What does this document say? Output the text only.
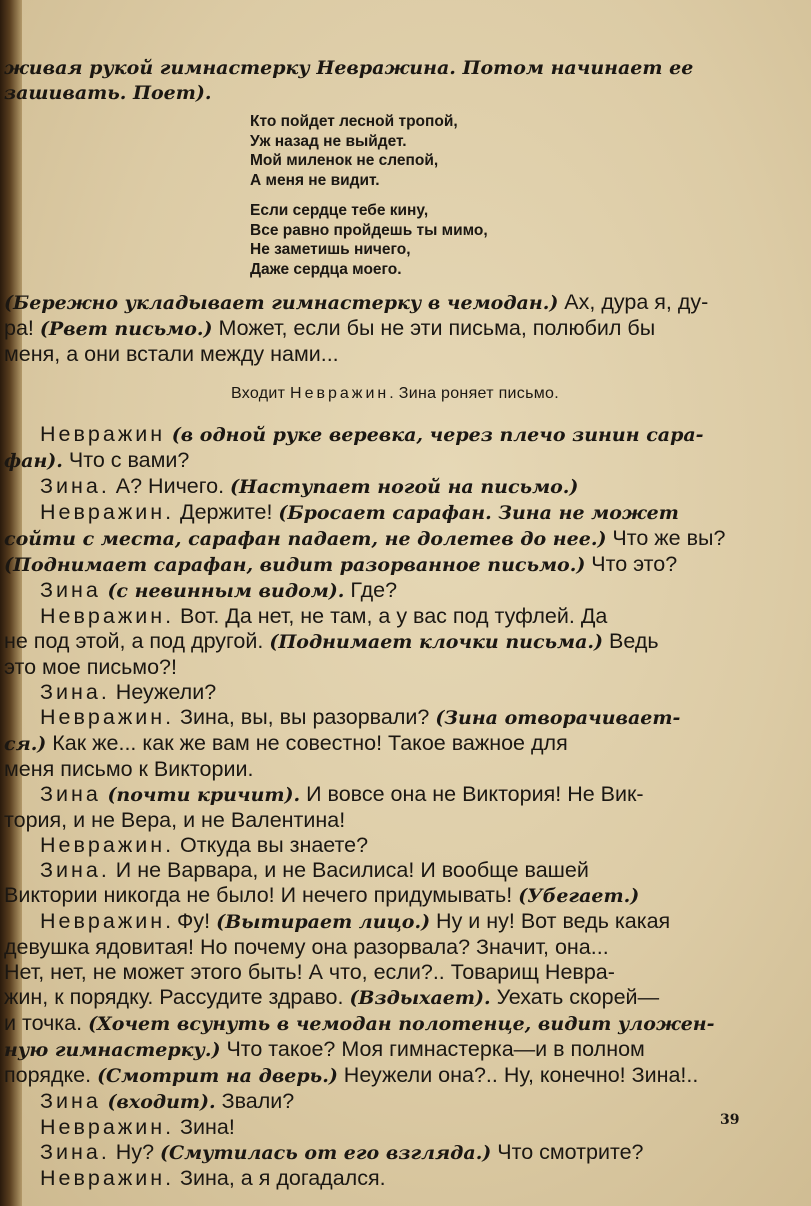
живая рукой гимнастерку Невражина. Потом начинает ее
зашивать. Поет).

Кто пойдет лесной тропой,
Уж назад не выйдет.
Мой миленок не слепой,
А меня не видит.
Если сердце тебе кину,
Все равно пройдешь ты мимо,
Не заметишь ничего,
Даже сердца моего.

(Бережно укладывает гимнастерку в чемодан.) Ах, дура я, ду-
ра! (Рвет письмо.) Может, если бы не эти письма, полюбил бы
меня, а они встали между нами...

Входит Невражин. Зина роняет письмо.

Невражин (в одной руке веревка, через плечо зинин сара-
фан). Что с вами?

Зина. А? Ничего. (Наступает ногой на письмо.)

Невражин. Держите! (Бросает сарафан. Зина не может
сойти с места, сарафан падает, не долетев до нее.) Что же вы?
(Поднимает сарафан, видит разорванное письмо.) Что это?

Зина (с невинным видом). Где?

Невражин. Вот. Да нет, не там, а у вас под туфлей. Да
не под этой, а под другой. (Поднимает клочки письма.) Ведь
это мое письмо?!

Зина. Неужели?

Невражин. Зина, вы, вы разорвали? (Зина отворачивает-
ся.) Как же... как же вам не совестно! Такое важное для
меня письмо к Виктории.

Зина (почти кричит). И вовсе она не Виктория! Не Вик-
тория, и не Вера, и не Валентина!

Невражин. Откуда вы знаете?

Зина. И не Варвара, и не Василиса! И вообще вашей
Виктории никогда не было! И нечего придумывать! (Убегает.)

Невражин. Фу! (Вытирает лицо.) Ну и ну! Вот ведь какая
девушка ядовитая! Но почему она разорвала? Значит, она...
Нет, нет, не может этого быть! А что, если?.. Товарищ Невра-
жин, к порядку. Рассудите здраво. (Вздыхает). Уехать скорей—
и точка. (Хочет всунуть в чемодан полотенце, видит уложен-
ную гимнастерку.) Что такое? Моя гимнастерка—и в полном
порядке. (Смотрит на дверь.) Неужели она?.. Ну, конечно! Зина!..

Зина (входит). Звали?

Невражин. Зина!

Зина. Ну? (Смутилась от его взгляда.) Что смотрите?

Невражин. Зина, а я догадался.

39
